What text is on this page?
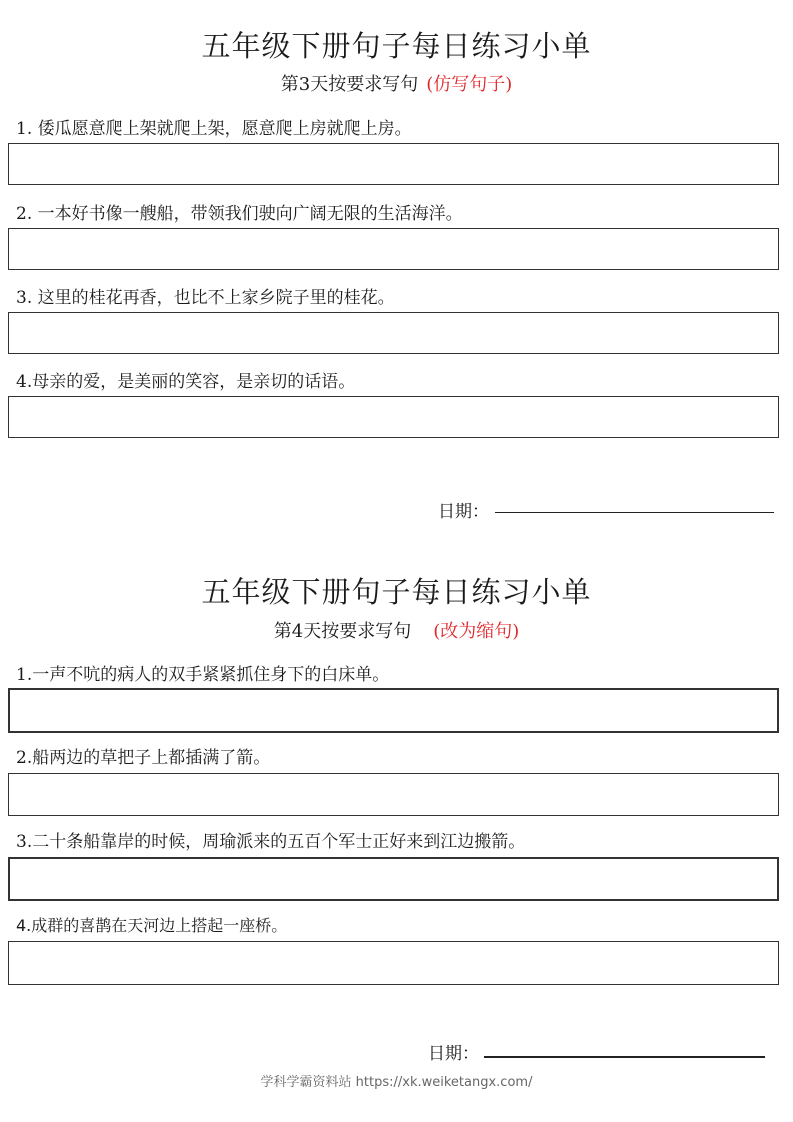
五年级下册句子每日练习小单
第3天按要求写句 (仿写句子)
1. 倭瓜愿意爬上架就爬上架，愿意爬上房就爬上房。
2. 一本好书像一艘船，带领我们驶向广阔无限的生活海洋。
3. 这里的桂花再香，也比不上家乡院子里的桂花。
4.母亲的爱，是美丽的笑容，是亲切的话语。
日期：
五年级下册句子每日练习小单
第4天按要求写句 (改为缩句)
1.一声不吭的病人的双手紧紧抓住身下的白床单。
2.船两边的草把子上都插满了箭。
3.二十条船靠岸的时候，周瑜派来的五百个军士正好来到江边搬箭。
4.成群的喜鹊在天河边上搭起一座桥。
日期：
学科学霸资料站 https://xk.weiketangx.com/
